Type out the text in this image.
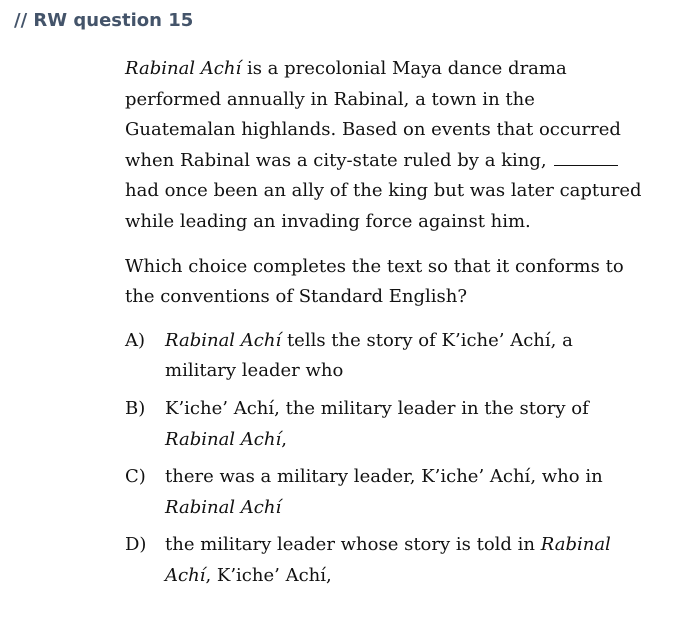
// RW question 15

Rabinal Achí is a precolonial Maya dance drama performed annually in Rabinal, a town in the Guatemalan highlands. Based on events that occurred when Rabinal was a city-state ruled by a king,  had once been an ally of the king but was later captured while leading an invading force against him.

Which choice completes the text so that it conforms to the conventions of Standard English?

A)	Rabinal Achí tells the story of K’iche’ Achí, a military leader who
B)	K’iche’ Achí, the military leader in the story of Rabinal Achí,
C)	there was a military leader, K’iche’ Achí, who in Rabinal Achí
D)	the military leader whose story is told in Rabinal Achí, K’iche’ Achí,
